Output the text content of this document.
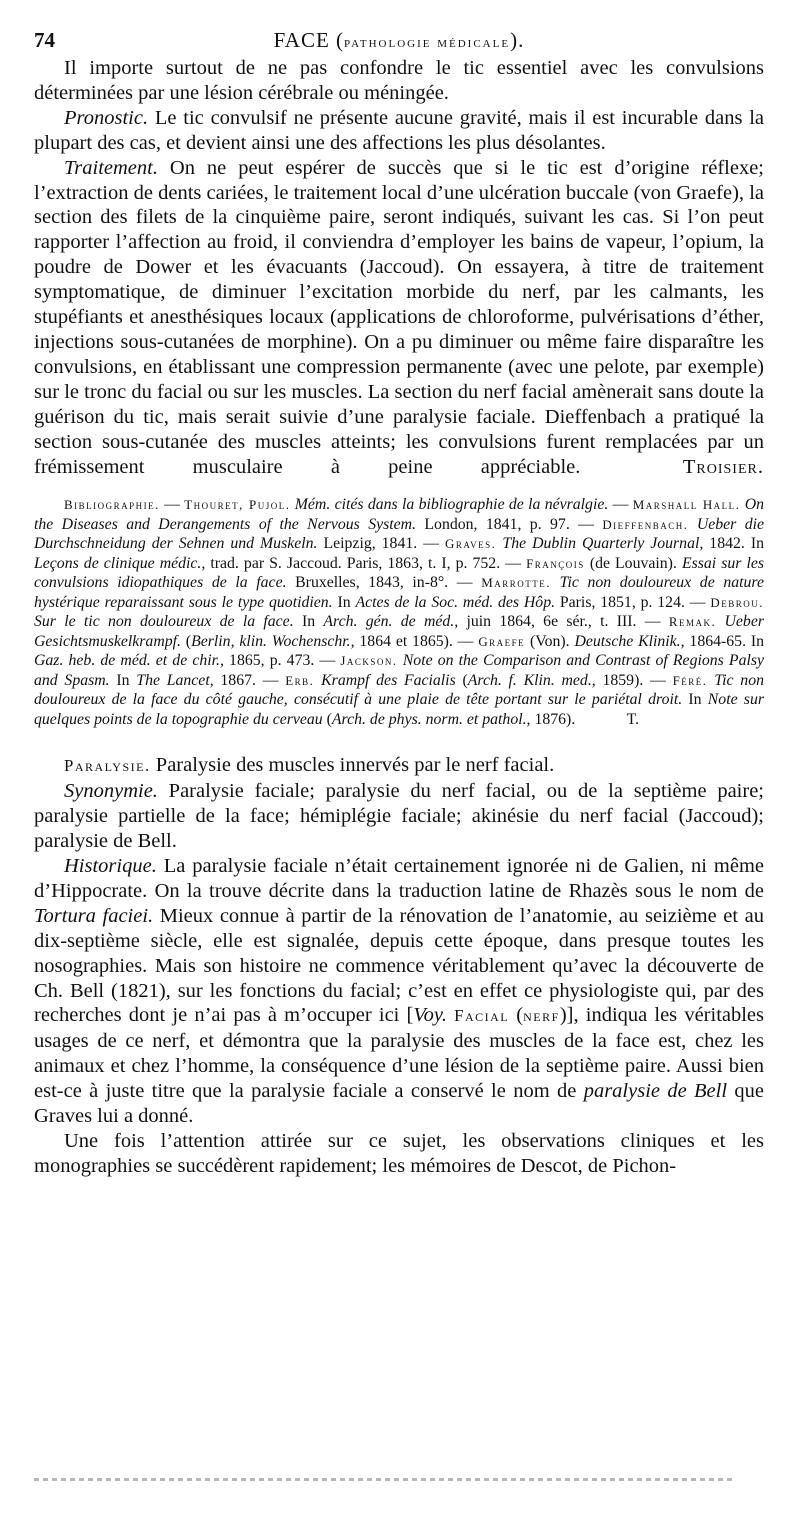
74	FACE (pathologie médicale).

Il importe surtout de ne pas confondre le tic essentiel avec les convulsions déterminées par une lésion cérébrale ou méningée.

Pronostic. Le tic convulsif ne présente aucune gravité, mais il est incurable dans la plupart des cas, et devient ainsi une des affections les plus désolantes.

Traitement. On ne peut espérer de succès que si le tic est d’origine réflexe; l’extraction de dents cariées, le traitement local d’une ulcération buccale (von Graefe), la section des filets de la cinquième paire, seront indiqués, suivant les cas. Si l’on peut rapporter l’affection au froid, il conviendra d’employer les bains de vapeur, l’opium, la poudre de Dower et les évacuants (Jaccoud). On essayera, à titre de traitement symptomatique, de diminuer l’excitation morbide du nerf, par les calmants, les stupéfiants et anesthésiques locaux (applications de chloroforme, pulvérisations d’éther, injections sous-cutanées de morphine). On a pu diminuer ou même faire disparaître les convulsions, en établissant une compression permanente (avec une pelote, par exemple) sur le tronc du facial ou sur les muscles. La section du nerf facial amènerait sans doute la guérison du tic, mais serait suivie d’une paralysie faciale. Dieffenbach a pratiqué la section sous-cutanée des muscles atteints; les convulsions furent remplacées par un frémissement musculaire à peine appréciable.     	Troisier.

Bibliographie. — Thouret, Pujol. Mém. cités dans la bibliographie de la névralgie. — Marshall Hall. On the Diseases and Derangements of the Nervous System. London, 1841, p. 97. — Dieffenbach. Ueber die Durchschneidung der Sehnen und Muskeln. Leipzig, 1841. — Graves. The Dublin Quarterly Journal, 1842. In Leçons de clinique médic., trad. par S. Jaccoud. Paris, 1863, t. I, p. 752. — François (de Louvain). Essai sur les convulsions idiopathiques de la face. Bruxelles, 1843, in-8°. — Marrotte. Tic non douloureux de nature hystérique reparaissant sous le type quotidien. In Actes de la Soc. méd. des Hôp. Paris, 1851, p. 124. — Debrou. Sur le tic non douloureux de la face. In Arch. gén. de méd., juin 1864, 6e sér., t. III. — Remak. Ueber Gesichtsmuskelkrampf. (Berlin, klin. Wochenschr., 1864 et 1865). — Graefe (Von). Deutsche Klinik., 1864-65. In Gaz. heb. de méd. et de chir., 1865, p. 473. — Jackson. Note on the Comparison and Contrast of Regions Palsy and Spasm. In The Lancet, 1867. — Erb. Krampf des Facialis (Arch. f. Klin. med., 1859). — Féré. Tic non douloureux de la face du côté gauche, consécutif à une plaie de tête portant sur le pariétal droit. In Note sur quelques points de la topographie du cerveau (Arch. de phys. norm. et pathol., 1876).	T.

Paralysie. Paralysie des muscles innervés par le nerf facial.

Synonymie. Paralysie faciale; paralysie du nerf facial, ou de la septième paire; paralysie partielle de la face; hémiplégie faciale; akinésie du nerf facial (Jaccoud); paralysie de Bell.

Historique. La paralysie faciale n’était certainement ignorée ni de Galien, ni même d’Hippocrate. On la trouve décrite dans la traduction latine de Rhazès sous le nom de Tortura faciei. Mieux connue à partir de la rénovation de l’anatomie, au seizième et au dix-septième siècle, elle est signalée, depuis cette époque, dans presque toutes les nosographies. Mais son histoire ne commence véritablement qu’avec la découverte de Ch. Bell (1821), sur les fonctions du facial; c’est en effet ce physiologiste qui, par des recherches dont je n’ai pas à m’occuper ici [Voy. Facial (nerf)], indiqua les véritables usages de ce nerf, et démontra que la paralysie des muscles de la face est, chez les animaux et chez l’homme, la conséquence d’une lésion de la septième paire. Aussi bien est-ce à juste titre que la paralysie faciale a conservé le nom de paralysie de Bell que Graves lui a donné.

Une fois l’attention attirée sur ce sujet, les observations cliniques et les monographies se succédèrent rapidement; les mémoires de Descot, de Pichon-
